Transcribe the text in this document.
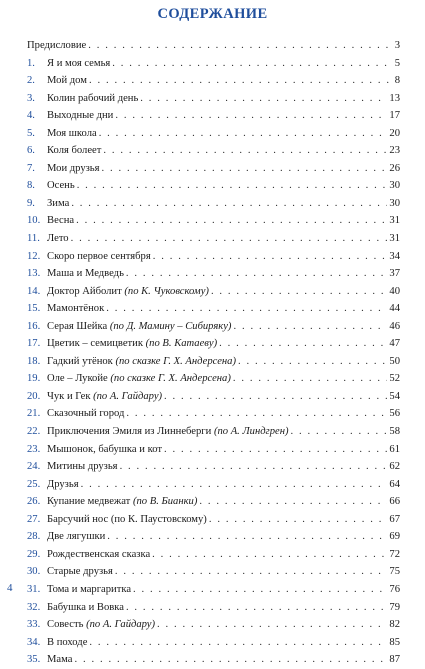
СОДЕРЖАНИЕ
Предисловие . . .	3
1.	Я и моя семья . . .	5
2.	Мой дом . . .	8
3.	Колин рабочий день . . .	13
4.	Выходные дни . . .	17
5.	Моя школа . . .	20
6.	Коля болеет . . .	23
7.	Мои друзья . . .	26
8.	Осень . . .	30
9.	Зима . . .	30
10. Весна . . .	31
11. Лето . . .	31
12. Скоро первое сентября . . .	34
13. Маша и Медведь . . .	37
14. Доктор Айболит (по К. Чуковскому) . . .	40
15. Мамонтёнок . . .	44
16. Серая Шейка (по Д. Мамину – Сибиряку) . . .	46
17. Цветик – семицветик (по В. Катаеву) . . .	47
18. Гадкий утёнок (по сказке Г. Х. Андерсена) . . .	50
19. Оле – Лукойе (по сказке Г. Х. Андерсена) . . .	52
20. Чук и Гек (по А. Гайдару) . . .	54
21. Сказочный город . . .	56
22. Приключения Эмиля из Линнеберги (по А. Линдгрен) . . .	58
23. Мышонок, бабушка и кот . . .	61
24. Митины друзья . . .	62
25. Друзья . . .	64
26. Купание медвежат (по В. Бианки) . . .	66
27. Барсучий нос (по К. Паустовскому) . . .	67
28. Две лягушки . . .	69
29. Рождественская сказка . . .	72
30. Старые друзья . . .	75
31. Тома и маргаритка . . .	76
32. Бабушка и Вовка . . .	79
33. Совесть (по А. Гайдару) . . .	82
34. В походе . . .	85
35. Мама . . .	87
4
